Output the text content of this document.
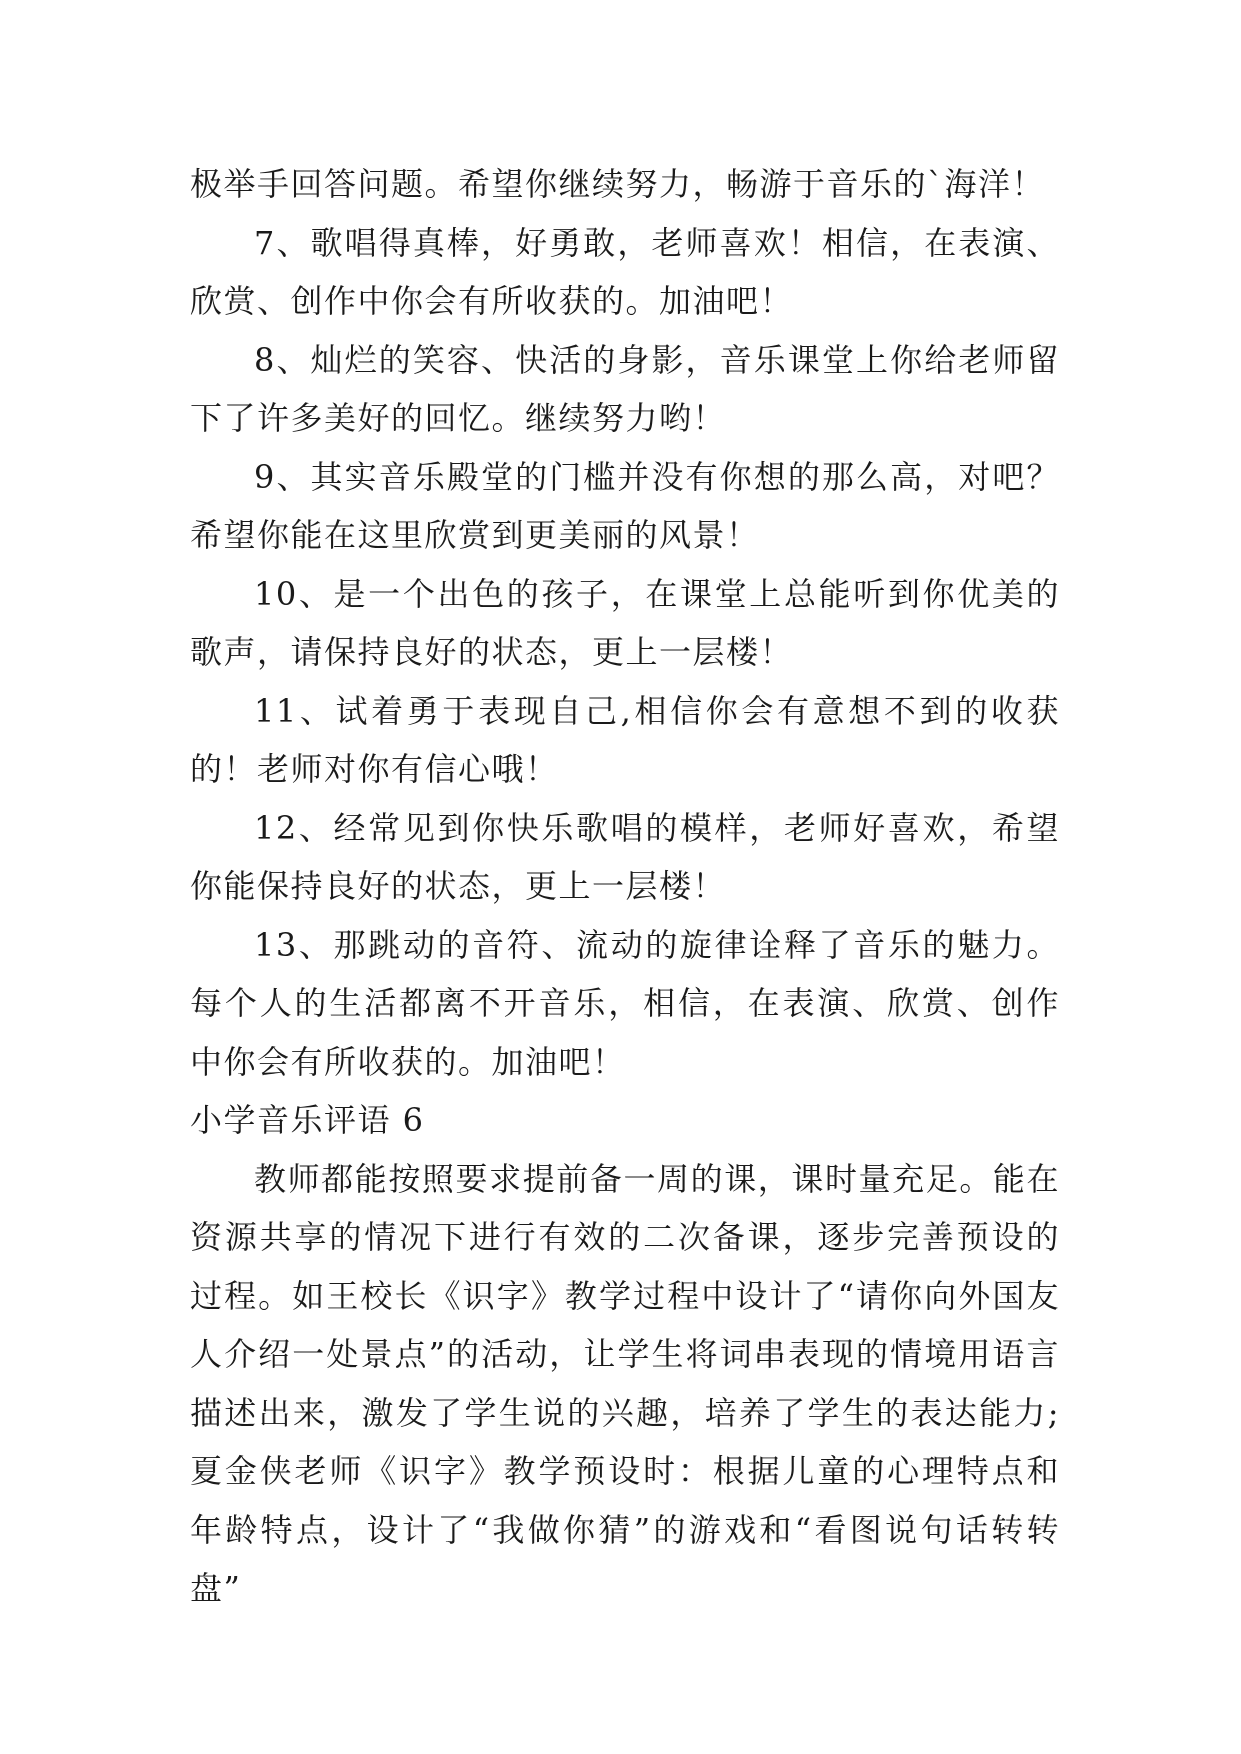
极举手回答问题。希望你继续努力，畅游于音乐的`海洋！

7、歌唱得真棒，好勇敢，老师喜欢！相信，在表演、欣赏、创作中你会有所收获的。加油吧！

8、灿烂的笑容、快活的身影，音乐课堂上你给老师留下了许多美好的回忆。继续努力哟！

9、其实音乐殿堂的门槛并没有你想的那么高，对吧？希望你能在这里欣赏到更美丽的风景！

10、是一个出色的孩子，在课堂上总能听到你优美的歌声，请保持良好的状态，更上一层楼！

11、试着勇于表现自己,相信你会有意想不到的收获的！老师对你有信心哦！

12、经常见到你快乐歌唱的模样，老师好喜欢，希望你能保持良好的状态，更上一层楼！

13、那跳动的音符、流动的旋律诠释了音乐的魅力。每个人的生活都离不开音乐，相信，在表演、欣赏、创作中你会有所收获的。加油吧！

小学音乐评语 6

教师都能按照要求提前备一周的课，课时量充足。能在资源共享的情况下进行有效的二次备课，逐步完善预设的过程。如王校长《识字》教学过程中设计了“请你向外国友人介绍一处景点”的活动，让学生将词串表现的情境用语言描述出来，激发了学生说的兴趣，培养了学生的表达能力;夏金侠老师《识字》教学预设时：根据儿童的心理特点和年龄特点，设计了“我做你猜”的游戏和“看图说句话转转盘”
